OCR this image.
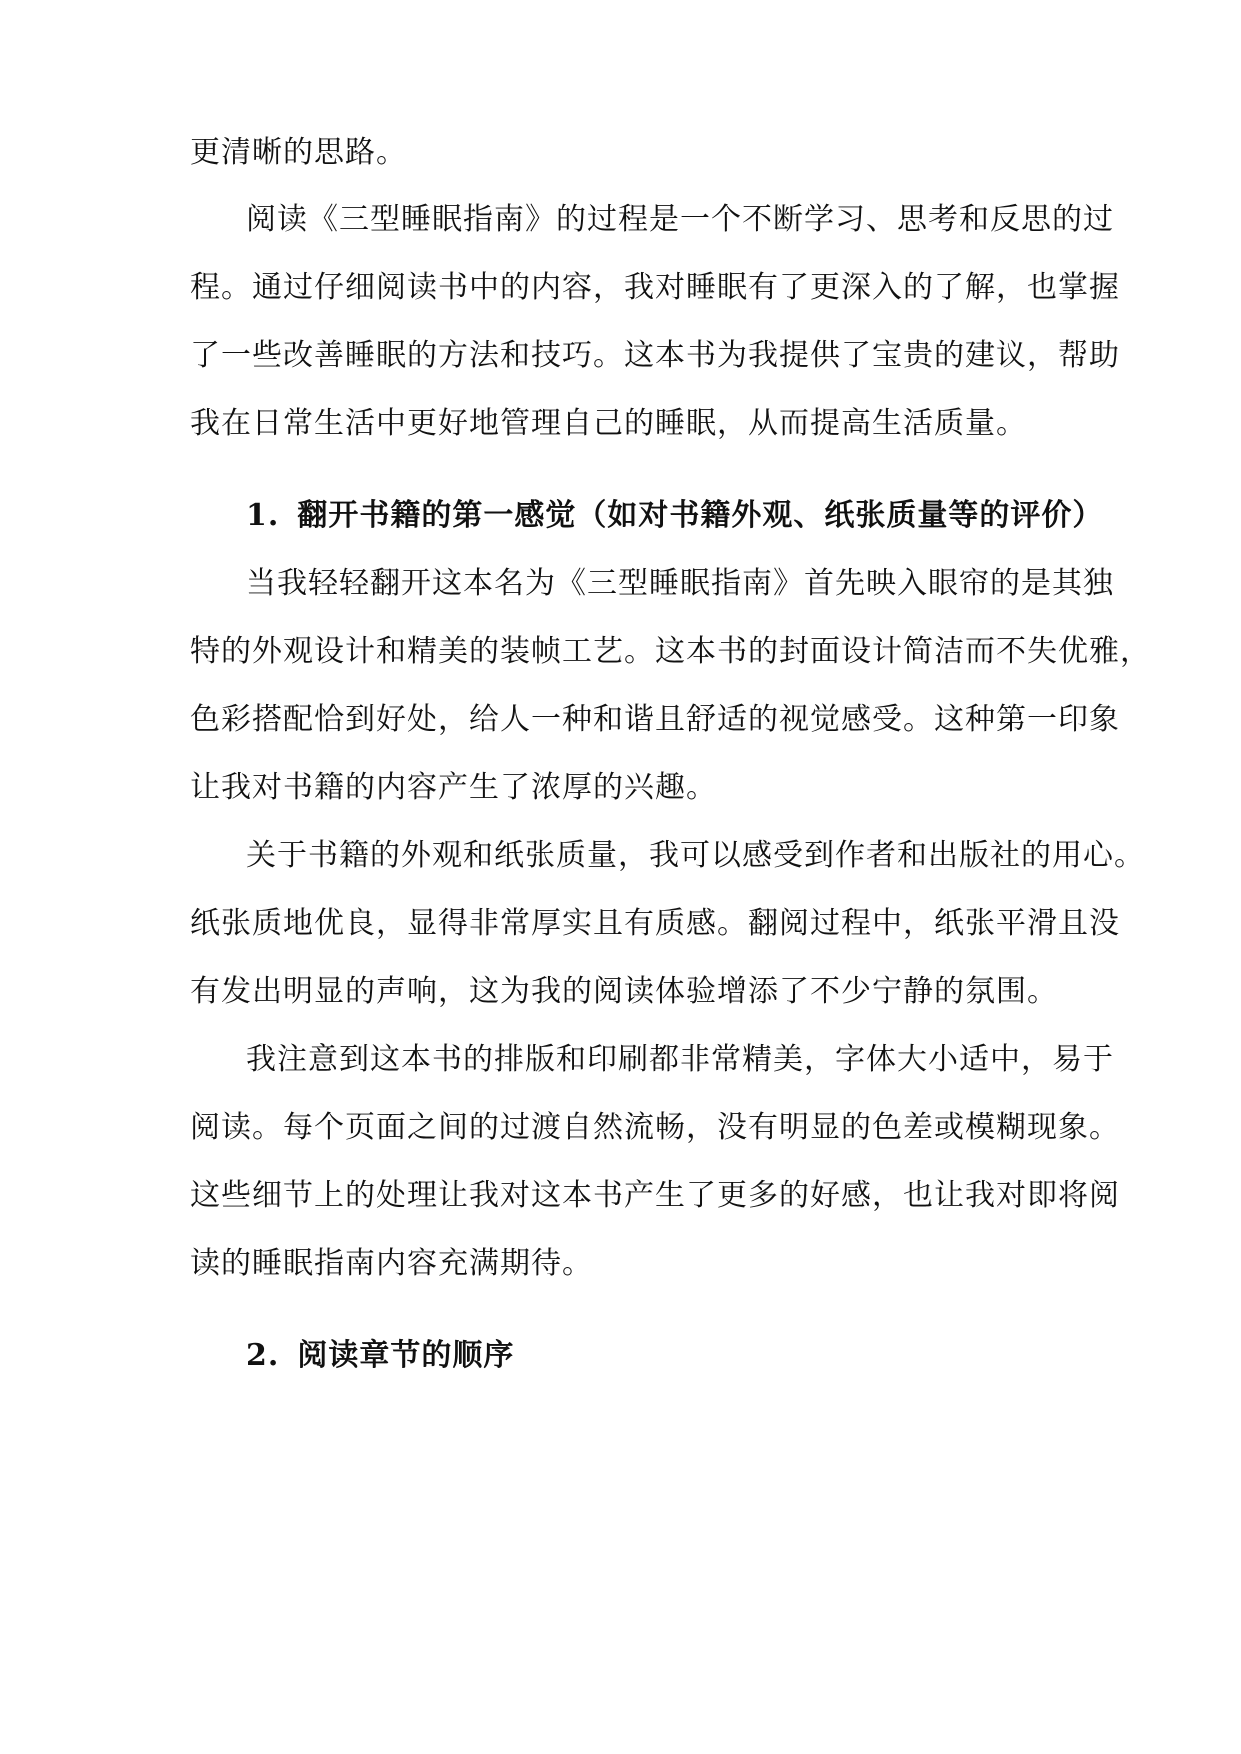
更清晰的思路。
阅读《三型睡眠指南》的过程是一个不断学习、思考和反思的过
程。通过仔细阅读书中的内容，我对睡眠有了更深入的了解，也掌握
了一些改善睡眠的方法和技巧。这本书为我提供了宝贵的建议，帮助
我在日常生活中更好地管理自己的睡眠，从而提高生活质量。
1. 翻开书籍的第一感觉（如对书籍外观、纸张质量等的评价）
当我轻轻翻开这本名为《三型睡眠指南》首先映入眼帘的是其独
特的外观设计和精美的装帧工艺。这本书的封面设计简洁而不失优雅，
色彩搭配恰到好处，给人一种和谐且舒适的视觉感受。这种第一印象
让我对书籍的内容产生了浓厚的兴趣。
关于书籍的外观和纸张质量，我可以感受到作者和出版社的用心。
纸张质地优良，显得非常厚实且有质感。翻阅过程中，纸张平滑且没
有发出明显的声响，这为我的阅读体验增添了不少宁静的氛围。
我注意到这本书的排版和印刷都非常精美，字体大小适中，易于
阅读。每个页面之间的过渡自然流畅，没有明显的色差或模糊现象。
这些细节上的处理让我对这本书产生了更多的好感，也让我对即将阅
读的睡眠指南内容充满期待。
2. 阅读章节的顺序
